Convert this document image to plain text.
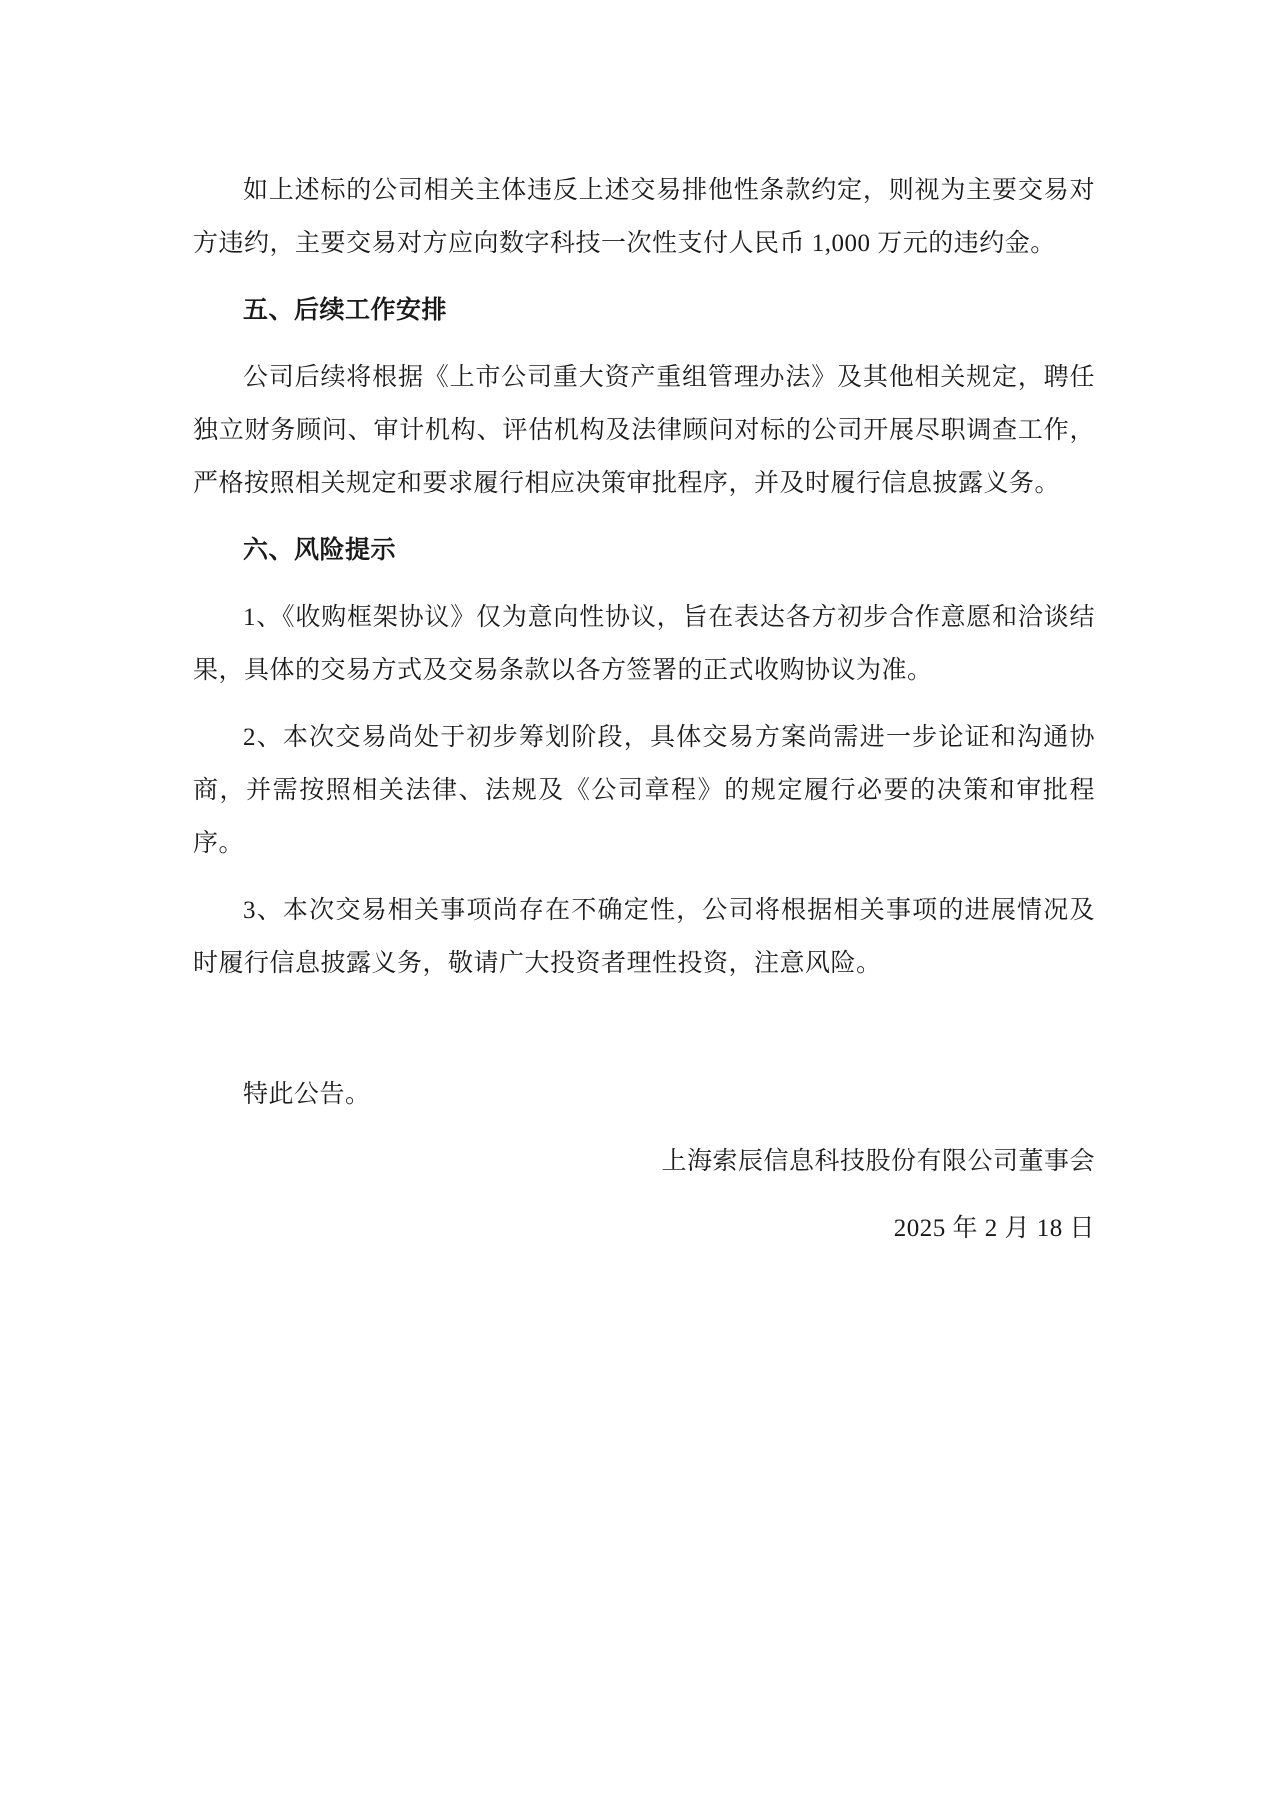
如上述标的公司相关主体违反上述交易排他性条款约定，则视为主要交易对方违约，主要交易对方应向数字科技一次性支付人民币 1,000 万元的违约金。

五、后续工作安排

公司后续将根据《上市公司重大资产重组管理办法》及其他相关规定，聘任独立财务顾问、审计机构、评估机构及法律顾问对标的公司开展尽职调查工作，严格按照相关规定和要求履行相应决策审批程序，并及时履行信息披露义务。

六、风险提示

1、《收购框架协议》仅为意向性协议，旨在表达各方初步合作意愿和洽谈结果，具体的交易方式及交易条款以各方签署的正式收购协议为准。

2、本次交易尚处于初步筹划阶段，具体交易方案尚需进一步论证和沟通协商，并需按照相关法律、法规及《公司章程》的规定履行必要的决策和审批程序。

3、本次交易相关事项尚存在不确定性，公司将根据相关事项的进展情况及时履行信息披露义务，敬请广大投资者理性投资，注意风险。

特此公告。

上海索辰信息科技股份有限公司董事会

2025 年 2 月 18 日
